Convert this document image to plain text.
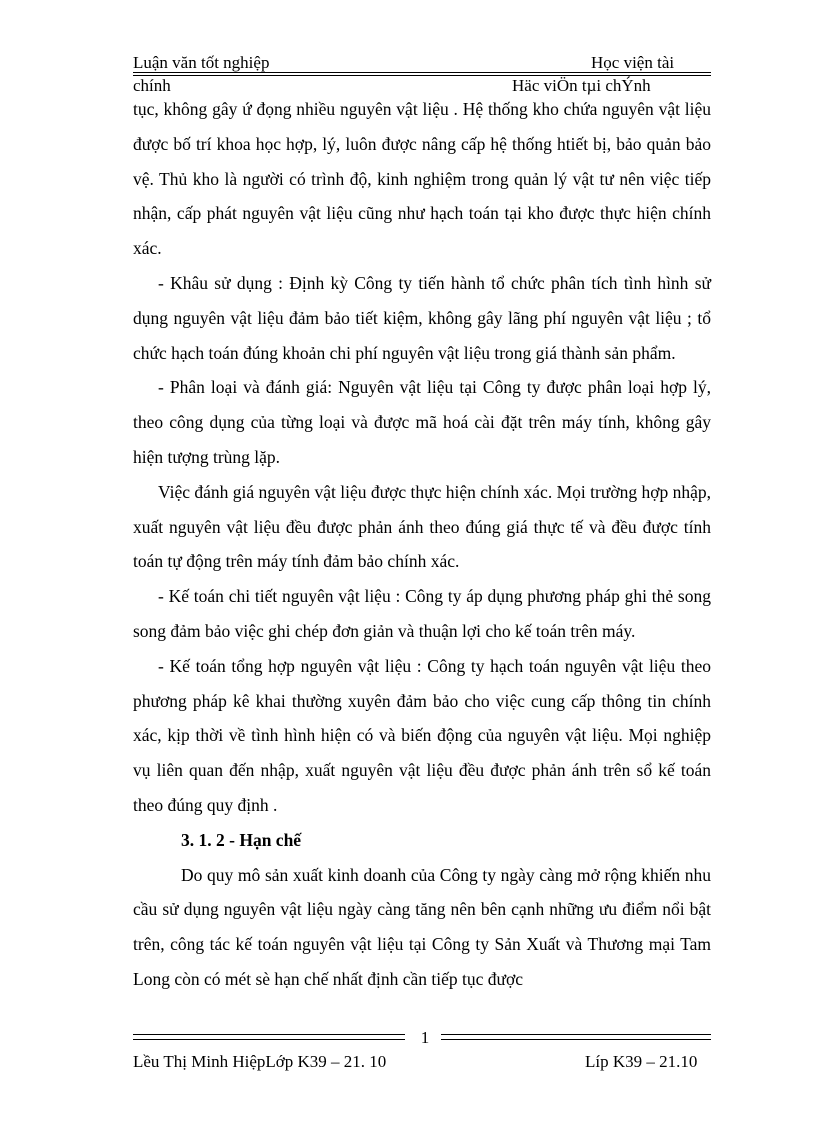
Luận văn tốt nghiệp	Học viện tài
chính	Häc viÖn tµi chÝnh

tục, không gây ứ đọng nhiều nguyên vật liệu . Hệ thống kho chứa nguyên vật liệu được bố trí khoa học hợp, lý, luôn được nâng cấp hệ thống htiết bị, bảo quản bảo vệ. Thủ kho là người có trình độ, kinh nghiệm trong quản lý vật tư nên việc tiếp nhận, cấp phát nguyên vật liệu cũng như hạch toán tại kho được thực hiện chính xác.

- Khâu sử dụng : Định kỳ Công ty tiến hành tổ chức phân tích tình hình sử dụng nguyên vật liệu đảm bảo tiết kiệm, không gây lãng phí nguyên vật liệu ; tổ chức hạch toán đúng khoản chi phí nguyên vật liệu trong giá thành sản phẩm.

- Phân loại và đánh giá: Nguyên vật liệu tại Công ty được phân loại hợp lý, theo công dụng của từng loại và được mã hoá cài đặt trên máy tính, không gây hiện tượng trùng lặp.

Việc đánh giá nguyên vật liệu được thực hiện chính xác. Mọi trường hợp nhập, xuất nguyên vật liệu đều được phản ánh theo đúng giá thực tế và đều được tính toán tự động trên máy tính đảm bảo chính xác.

- Kế toán chi tiết nguyên vật liệu : Công ty áp dụng phương pháp ghi thẻ song song đảm bảo việc ghi chép đơn giản và thuận lợi cho kế toán trên máy.

- Kế toán tổng hợp nguyên vật liệu : Công ty hạch toán nguyên vật liệu theo phương pháp kê khai thường xuyên đảm bảo cho việc cung cấp thông tin chính xác, kịp thời về tình hình hiện có và biến động của nguyên vật liệu. Mọi nghiệp vụ liên quan đến nhập, xuất nguyên vật liệu đều được phản ánh trên sổ kế toán theo đúng quy định .

3. 1. 2 - Hạn chế

Do quy mô sản xuất kinh doanh của Công ty ngày càng mở rộng khiến nhu cầu sử dụng nguyên vật liệu ngày càng tăng nên bên cạnh những ưu điểm nổi bật trên, công tác kế toán nguyên vật liệu tại Công ty Sản Xuất và Thương mại Tam Long còn có mét sè hạn chế nhất định cần tiếp tục được

1
Lều Thị Minh HiệpLớp K39 – 21. 10	Líp K39 – 21.10
